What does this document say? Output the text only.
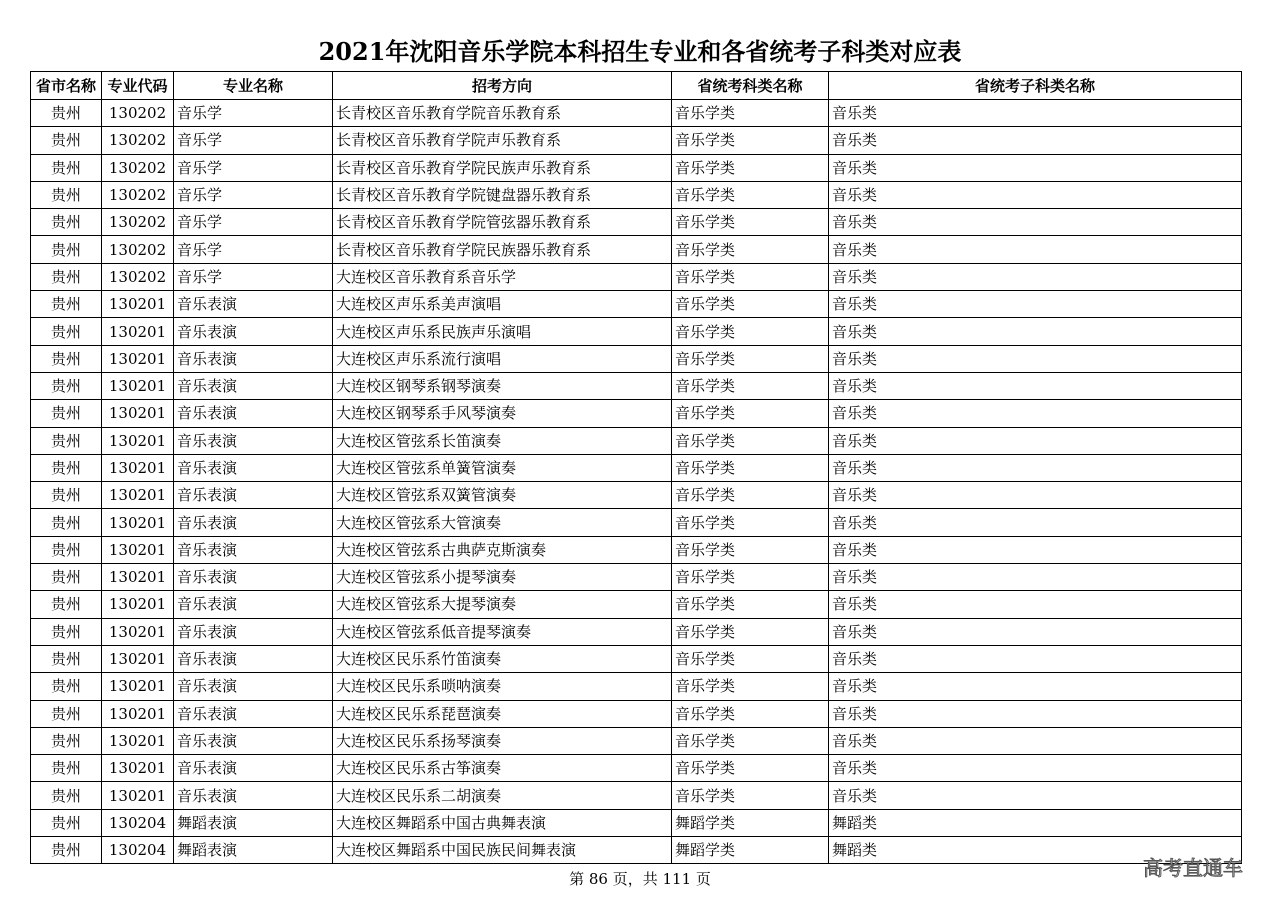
2021年沈阳音乐学院本科招生专业和各省统考子科类对应表
省市名称	专业代码	专业名称	招考方向	省统考科类名称	省统考子科类名称
贵州	130202	音乐学	长青校区音乐教育学院音乐教育系	音乐学类	音乐类
贵州	130202	音乐学	长青校区音乐教育学院声乐教育系	音乐学类	音乐类
贵州	130202	音乐学	长青校区音乐教育学院民族声乐教育系	音乐学类	音乐类
贵州	130202	音乐学	长青校区音乐教育学院键盘器乐教育系	音乐学类	音乐类
贵州	130202	音乐学	长青校区音乐教育学院管弦器乐教育系	音乐学类	音乐类
贵州	130202	音乐学	长青校区音乐教育学院民族器乐教育系	音乐学类	音乐类
贵州	130202	音乐学	大连校区音乐教育系音乐学	音乐学类	音乐类
贵州	130201	音乐表演	大连校区声乐系美声演唱	音乐学类	音乐类
贵州	130201	音乐表演	大连校区声乐系民族声乐演唱	音乐学类	音乐类
贵州	130201	音乐表演	大连校区声乐系流行演唱	音乐学类	音乐类
贵州	130201	音乐表演	大连校区钢琴系钢琴演奏	音乐学类	音乐类
贵州	130201	音乐表演	大连校区钢琴系手风琴演奏	音乐学类	音乐类
贵州	130201	音乐表演	大连校区管弦系长笛演奏	音乐学类	音乐类
贵州	130201	音乐表演	大连校区管弦系单簧管演奏	音乐学类	音乐类
贵州	130201	音乐表演	大连校区管弦系双簧管演奏	音乐学类	音乐类
贵州	130201	音乐表演	大连校区管弦系大管演奏	音乐学类	音乐类
贵州	130201	音乐表演	大连校区管弦系古典萨克斯演奏	音乐学类	音乐类
贵州	130201	音乐表演	大连校区管弦系小提琴演奏	音乐学类	音乐类
贵州	130201	音乐表演	大连校区管弦系大提琴演奏	音乐学类	音乐类
贵州	130201	音乐表演	大连校区管弦系低音提琴演奏	音乐学类	音乐类
贵州	130201	音乐表演	大连校区民乐系竹笛演奏	音乐学类	音乐类
贵州	130201	音乐表演	大连校区民乐系唢呐演奏	音乐学类	音乐类
贵州	130201	音乐表演	大连校区民乐系琵琶演奏	音乐学类	音乐类
贵州	130201	音乐表演	大连校区民乐系扬琴演奏	音乐学类	音乐类
贵州	130201	音乐表演	大连校区民乐系古筝演奏	音乐学类	音乐类
贵州	130201	音乐表演	大连校区民乐系二胡演奏	音乐学类	音乐类
贵州	130204	舞蹈表演	大连校区舞蹈系中国古典舞表演	舞蹈学类	舞蹈类
贵州	130204	舞蹈表演	大连校区舞蹈系中国民族民间舞表演	舞蹈学类	舞蹈类
第 86 页，共 111 页	高考直通车
